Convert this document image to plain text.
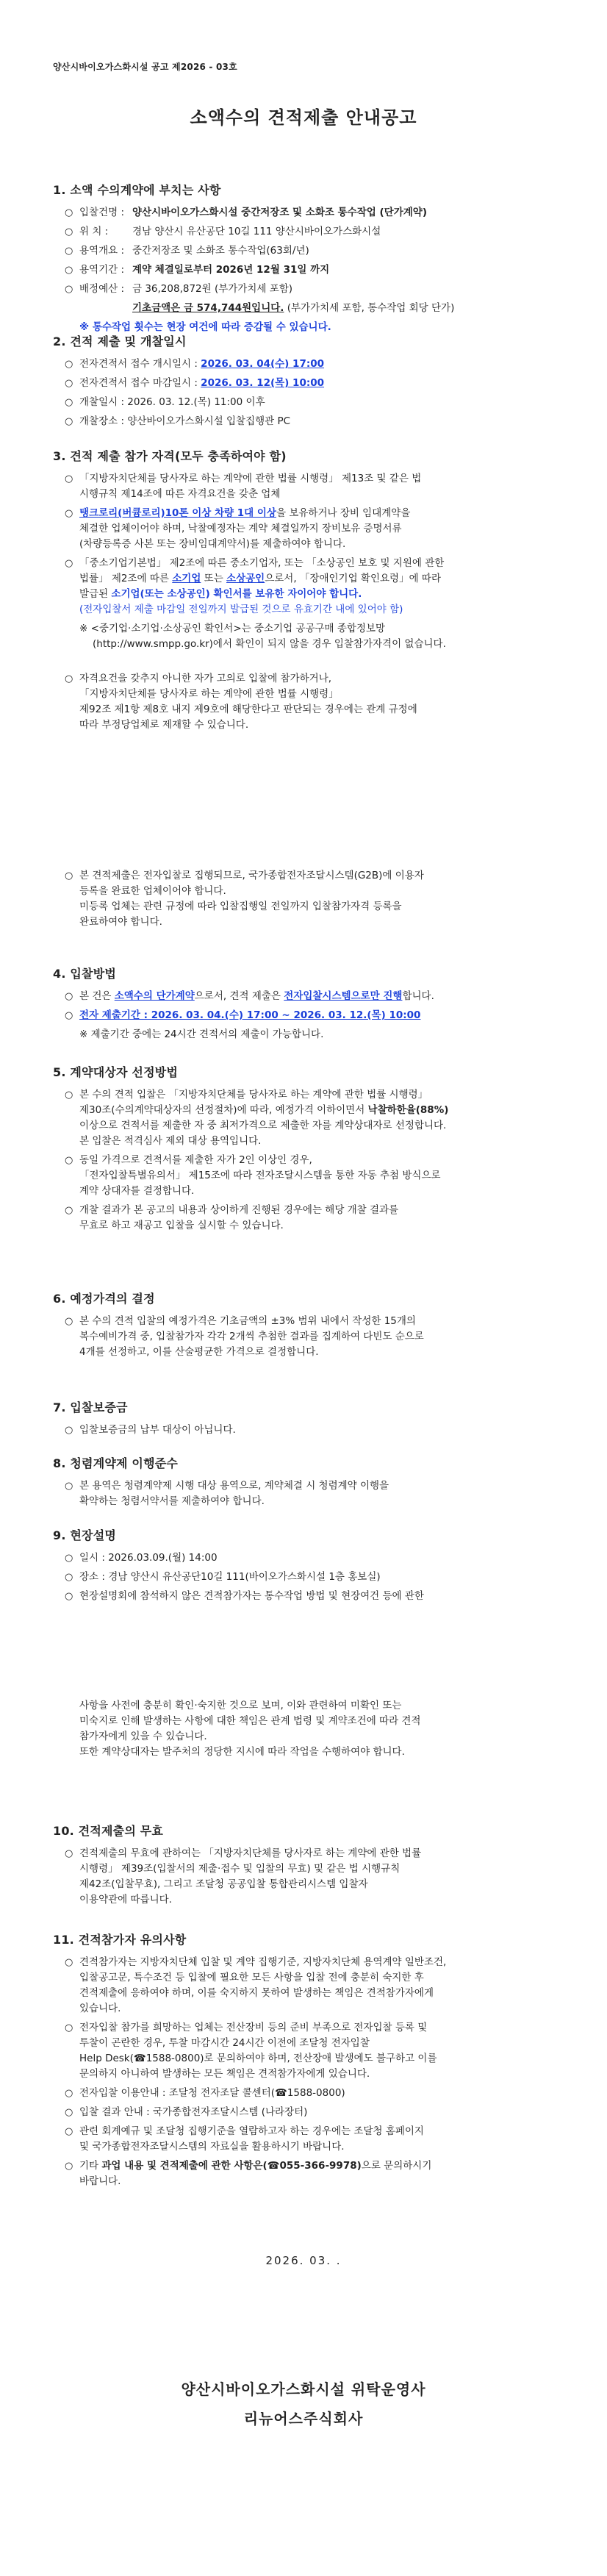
양산시바이오가스화시설 공고 제2026 - 03호
소액수의 견적제출 안내공고
1. 소액 수의계약에 부치는 사항
○ 입찰건명 : 양산시바이오가스화시설 중간저장조 및 소화조 통수작업 (단가계약)
○ 위 치 :	경남 양산시 유산공단 10길 111 양산시바이오가스화시설
○ 용역개요 : 중간저장조 및 소화조 통수작업(63회/년)
○ 용역기간 : 계약 체결일로부터 2026년 12월 31일 까지
○ 배정예산 : 금 36,208,872원 (부가가치세 포함)
기초금액은 금 574,744원입니다. (부가가치세 포함, 통수작업 회당 단가)
※ 통수작업 횟수는 현장 여건에 따라 증감될 수 있습니다.
2. 견적 제출 및 개찰일시
○ 전자견적서 접수 개시일시 : 2026. 03. 04(수) 17:00
○ 전자견적서 접수 마감일시 : 2026. 03. 12(목) 10:00
○ 개찰일시 : 2026. 03. 12.(목) 11:00 이후
○ 개찰장소 : 양산바이오가스화시설 입찰집행관 PC
3. 견적 제출 참가 자격(모두 충족하여야 함)
○ 「지방자치단체를 당사자로 하는 계약에 관한 법률 시행령」 제13조 및 같은 법
시행규칙 제14조에 따른 자격요건을 갖춘 업체
○ 탱크로리(버큠로리)10톤 이상 차량 1대 이상을 보유하거나 장비 임대계약을
체결한 업체이어야 하며, 낙찰예정자는 계약 체결일까지 장비보유 증명서류
(차량등록증 사본 또는 장비임대계약서)를 제출하여야 합니다.
○ 「중소기업기본법」 제2조에 따른 중소기업자, 또는 「소상공인 보호 및 지원에 관한
법률」 제2조에 따른 소기업 또는 소상공인으로서, 「장애인기업 확인요령」에 따라
발급된 소기업(또는 소상공인) 확인서를 보유한 자이어야 합니다.
(전자입찰서 제출 마감일 전일까지 발급된 것으로 유효기간 내에 있어야 함)
※ <중기업·소기업·소상공인 확인서>는 중소기업 공공구매 종합정보망
(http://www.smpp.go.kr)에서 확인이 되지 않을 경우 입찰참가자격이 없습니다.
○ 자격요건을 갖추지 아니한 자가 고의로 입찰에 참가하거나,
「지방자치단체를 당사자로 하는 계약에 관한 법률 시행령」
제92조 제1항 제8호 내지 제9호에 해당한다고 판단되는 경우에는 관계 규정에
따라 부정당업체로 제재할 수 있습니다.
○ 본 견적제출은 전자입찰로 집행되므로, 국가종합전자조달시스템(G2B)에 이용자
등록을 완료한 업체이어야 합니다.
미등록 업체는 관련 규정에 따라 입찰집행일 전일까지 입찰참가자격 등록을
완료하여야 합니다.
4. 입찰방법
○ 본 건은 소액수의 단가계약으로서, 견적 제출은 전자입찰시스템으로만 진행합니다.
○ 전자 제출기간 : 2026. 03. 04.(수) 17:00 ~ 2026. 03. 12.(목) 10:00
※ 제출기간 중에는 24시간 견적서의 제출이 가능합니다.
5. 계약대상자 선정방법
○ 본 수의 견적 입찰은 「지방자치단체를 당사자로 하는 계약에 관한 법률 시행령」
제30조(수의계약대상자의 선정절차)에 따라, 예정가격 이하이면서 낙찰하한율(88%)
이상으로 견적서를 제출한 자 중 최저가격으로 제출한 자를 계약상대자로 선정합니다.
본 입찰은 적격심사 제외 대상 용역입니다.
○ 동일 가격으로 견적서를 제출한 자가 2인 이상인 경우,
「전자입찰특별유의서」 제15조에 따라 전자조달시스템을 통한 자동 추첨 방식으로
계약 상대자를 결정합니다.
○ 개찰 결과가 본 공고의 내용과 상이하게 진행된 경우에는 해당 개찰 결과를
무효로 하고 재공고 입찰을 실시할 수 있습니다.
6. 예정가격의 결정
○ 본 수의 견적 입찰의 예정가격은 기초금액의 ±3% 범위 내에서 작성한 15개의
복수예비가격 중, 입찰참가자 각각 2개씩 추첨한 결과를 집계하여 다빈도 순으로
4개를 선정하고, 이를 산술평균한 가격으로 결정합니다.
7. 입찰보증금
○ 입찰보증금의 납부 대상이 아닙니다.
8. 청렴계약제 이행준수
○ 본 용역은 청렴계약제 시행 대상 용역으로, 계약체결 시 청렴계약 이행을
확약하는 청렴서약서를 제출하여야 합니다.
9. 현장설명
○ 일시 : 2026.03.09.(월) 14:00
○ 장소 : 경남 양산시 유산공단10길 111(바이오가스화시설 1층 홍보실)
○ 현장설명회에 참석하지 않은 견적참가자는 통수작업 방법 및 현장여건 등에 관한
사항을 사전에 충분히 확인·숙지한 것으로 보며, 이와 관련하여 미확인 또는
미숙지로 인해 발생하는 사항에 대한 책임은 관계 법령 및 계약조건에 따라 견적
참가자에게 있을 수 있습니다.
또한 계약상대자는 발주처의 정당한 지시에 따라 작업을 수행하여야 합니다.
10. 견적제출의 무효
○ 견적제출의 무효에 관하여는 「지방자치단체를 당사자로 하는 계약에 관한 법률
시행령」 제39조(입찰서의 제출·접수 및 입찰의 무효) 및 같은 법 시행규칙
제42조(입찰무효), 그리고 조달청 공공입찰 통합관리시스템 입찰자
이용약관에 따릅니다.
11. 견적참가자 유의사항
○ 견적참가자는 지방자치단체 입찰 및 계약 집행기준, 지방자치단체 용역계약 일반조건,
입찰공고문, 특수조건 등 입찰에 필요한 모든 사항을 입찰 전에 충분히 숙지한 후
견적제출에 응하여야 하며, 이를 숙지하지 못하여 발생하는 책임은 견적참가자에게
있습니다.
○ 전자입찰 참가를 희망하는 업체는 전산장비 등의 준비 부족으로 전자입찰 등록 및
투찰이 곤란한 경우, 투찰 마감시간 24시간 이전에 조달청 전자입찰
Help Desk(☎1588-0800)로 문의하여야 하며, 전산장애 발생에도 불구하고 이를
문의하지 아니하여 발생하는 모든 책임은 견적참가자에게 있습니다.
○ 전자입찰 이용안내 : 조달청 전자조달 콜센터(☎1588-0800)
○ 입찰 결과 안내 : 국가종합전자조달시스템 (나라장터)
○ 관련 회계예규 및 조달청 집행기준을 열람하고자 하는 경우에는 조달청 홈페이지
및 국가종합전자조달시스템의 자료실을 활용하시기 바랍니다.
○ 기타 과업 내용 및 견적제출에 관한 사항은(☎055-366-9978)으로 문의하시기
바랍니다.
2026. 03. .
양산시바이오가스화시설 위탁운영사
리뉴어스주식회사
